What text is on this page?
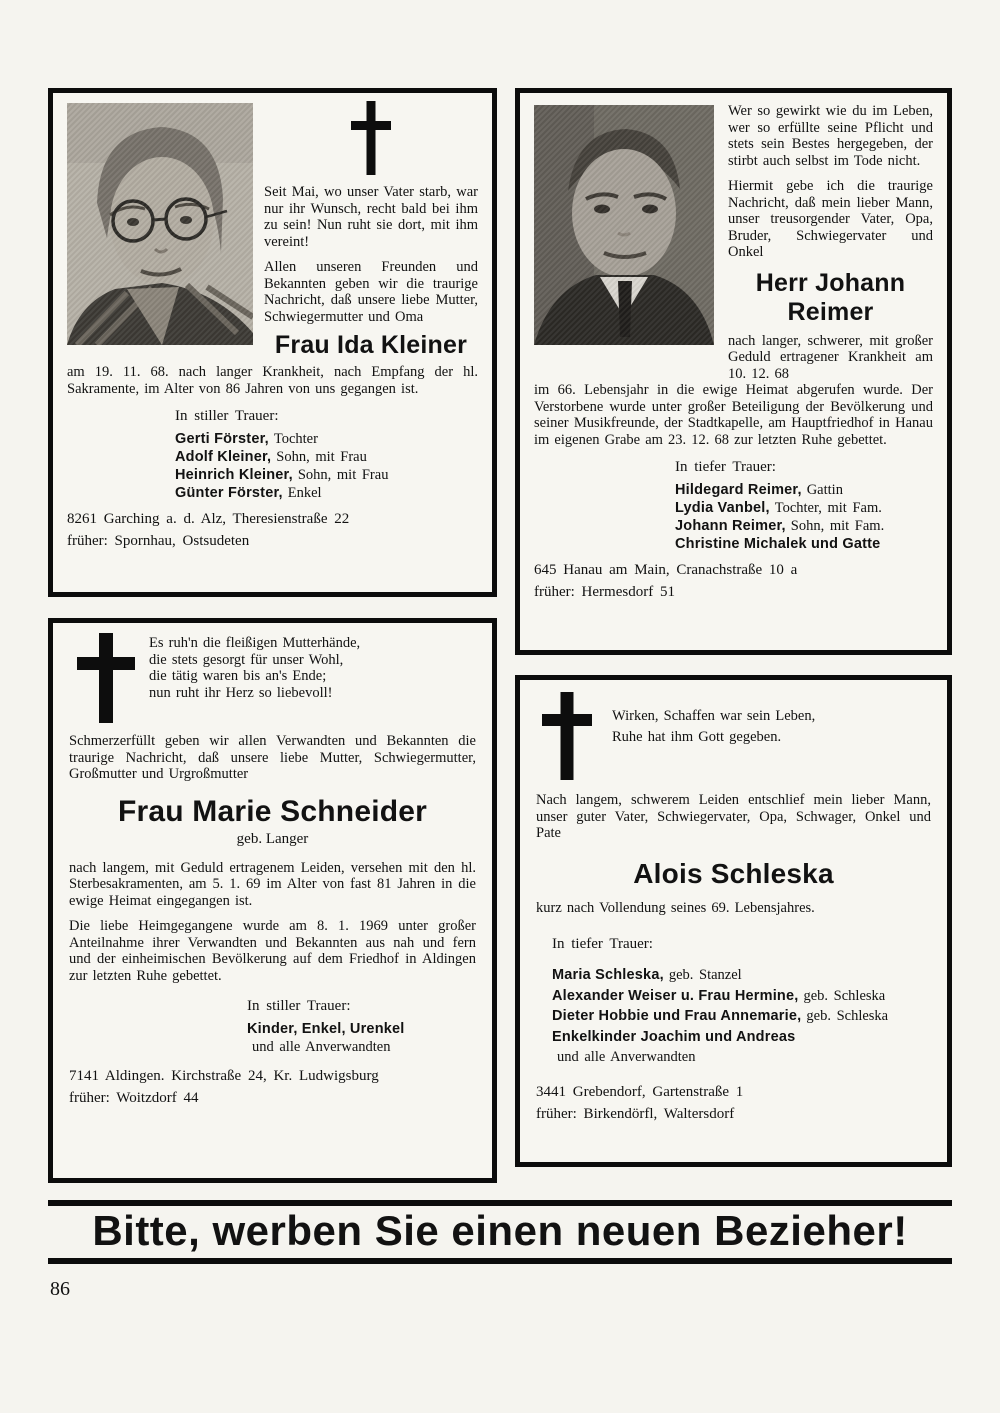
Seit Mai, wo unser Vater starb, war nur ihr Wunsch, recht bald bei ihm zu sein! Nun ruht sie dort, mit ihm vereint!

Allen unseren Freunden und Bekannten geben wir die traurige Nachricht, daß unsere liebe Mutter, Schwiegermutter und Oma

Frau Ida Kleiner

am 19. 11. 68. nach langer Krankheit, nach Empfang der hl. Sakramente, im Alter von 86 Jahren von uns gegangen ist.

In stiller Trauer:
Gerti Förster, Tochter
Adolf Kleiner, Sohn, mit Frau
Heinrich Kleiner, Sohn, mit Frau
Günter Förster, Enkel
8261 Garching a. d. Alz, Theresienstraße 22
früher: Spornhau, Ostsudeten

Wer so gewirkt wie du im Leben, wer so erfüllte seine Pflicht und stets sein Bestes hergegeben, der stirbt auch selbst im Tode nicht.

Hiermit gebe ich die traurige Nachricht, daß mein lieber Mann, unser treusorgender Vater, Opa, Bruder, Schwiegervater und Onkel

Herr Johann Reimer

nach langer, schwerer, mit großer Geduld ertragener Krankheit am 10. 12. 68

im 66. Lebensjahr in die ewige Heimat abgerufen wurde. Der Verstorbene wurde unter großer Beteiligung der Bevölkerung und seiner Musikfreunde, der Stadtkapelle, am Hauptfriedhof in Hanau im eigenen Grabe am 23. 12. 68 zur letzten Ruhe gebettet.

In tiefer Trauer:
Hildegard Reimer, Gattin
Lydia Vanbel, Tochter, mit Fam.
Johann Reimer, Sohn, mit Fam.
Christine Michalek und Gatte
645 Hanau am Main, Cranachstraße 10 a
früher: Hermesdorf 51
Es ruh'n die fleißigen Mutterhände,
die stets gesorgt für unser Wohl,
die tätig waren bis an's Ende;
nun ruht ihr Herz so liebevoll!

Schmerzerfüllt geben wir allen Verwandten und Bekannten die traurige Nachricht, daß unsere liebe Mutter, Schwiegermutter, Großmutter und Urgroßmutter

Frau Marie Schneider
geb. Langer

nach langem, mit Geduld ertragenem Leiden, versehen mit den hl. Sterbesakramenten, am 5. 1. 69 im Alter von fast 81 Jahren in die ewige Heimat eingegangen ist.

Die liebe Heimgegangene wurde am 8. 1. 1969 unter großer Anteilnahme ihrer Verwandten und Bekannten aus nah und fern und der einheimischen Bevölkerung auf dem Friedhof in Aldingen zur letzten Ruhe gebettet.

In stiller Trauer:
Kinder, Enkel, Urenkel
und alle Anverwandten
7141 Aldingen. Kirchstraße 24, Kr. Ludwigsburg
früher: Woitzdorf 44
Wirken, Schaffen war sein Leben,
Ruhe hat ihm Gott gegeben.

Nach langem, schwerem Leiden entschlief mein lieber Mann, unser guter Vater, Schwiegervater, Opa, Schwager, Onkel und Pate

Alois Schleska

kurz nach Vollendung seines 69. Lebensjahres.

In tiefer Trauer:
Maria Schleska, geb. Stanzel
Alexander Weiser u. Frau Hermine, geb. Schleska
Dieter Hobbie und Frau Annemarie, geb. Schleska
Enkelkinder Joachim und Andreas
und alle Anverwandten
3441 Grebendorf, Gartenstraße 1
früher: Birkendörfl, Waltersdorf
Bitte, werben Sie einen neuen Bezieher!
86
